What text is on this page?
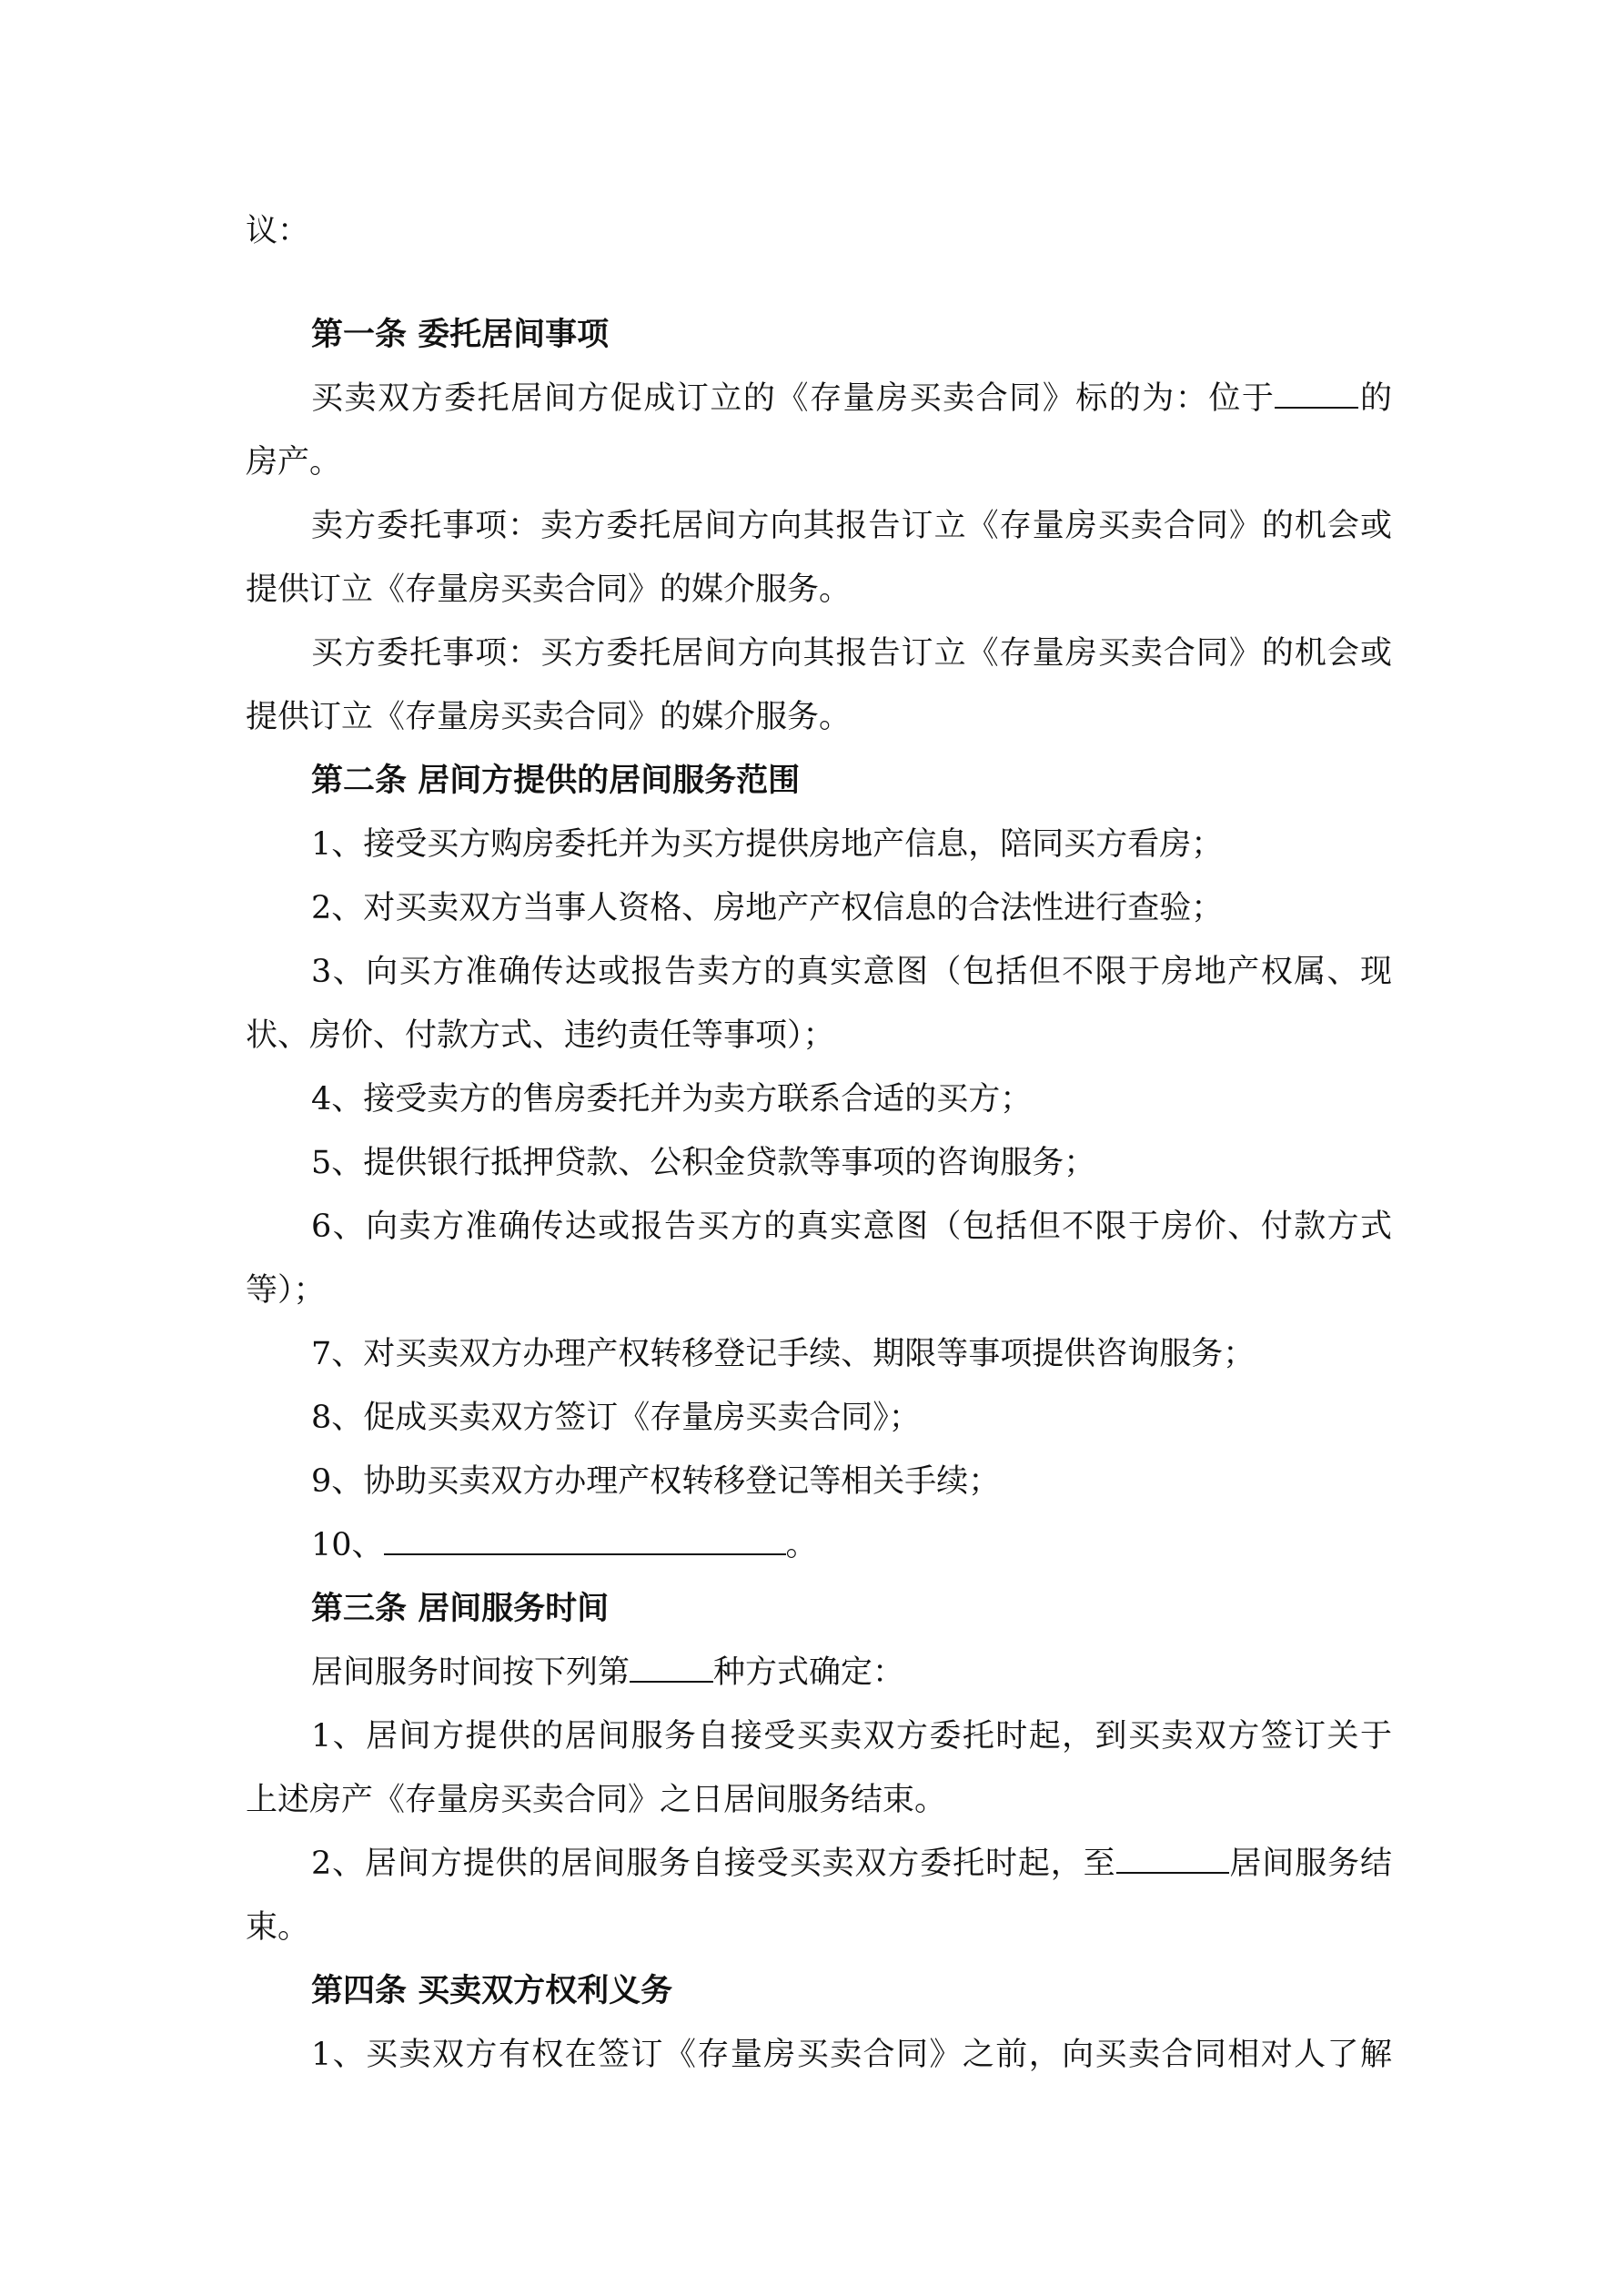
议：
第一条 委托居间事项
买卖双方委托居间方促成订立的《存量房买卖合同》标的为：位于	的
房产。
卖方委托事项：卖方委托居间方向其报告订立《存量房买卖合同》的机会或
提供订立《存量房买卖合同》的媒介服务。
买方委托事项：买方委托居间方向其报告订立《存量房买卖合同》的机会或
提供订立《存量房买卖合同》的媒介服务。
第二条 居间方提供的居间服务范围
1、接受买方购房委托并为买方提供房地产信息，陪同买方看房；
2、对买卖双方当事人资格、房地产产权信息的合法性进行查验；
3、向买方准确传达或报告卖方的真实意图（包括但不限于房地产权属、现
状、房价、付款方式、违约责任等事项）；
4、接受卖方的售房委托并为卖方联系合适的买方；
5、提供银行抵押贷款、公积金贷款等事项的咨询服务；
6、向卖方准确传达或报告买方的真实意图（包括但不限于房价、付款方式
等）；
7、对买卖双方办理产权转移登记手续、期限等事项提供咨询服务；
8、促成买卖双方签订《存量房买卖合同》；
9、协助买卖双方办理产权转移登记等相关手续；
10、	。
第三条 居间服务时间
居间服务时间按下列第	种方式确定：
1、居间方提供的居间服务自接受买卖双方委托时起，到买卖双方签订关于
上述房产《存量房买卖合同》之日居间服务结束。
2、居间方提供的居间服务自接受买卖双方委托时起，至	居间服务结
束。
第四条 买卖双方权利义务
1、买卖双方有权在签订《存量房买卖合同》之前，向买卖合同相对人了解
